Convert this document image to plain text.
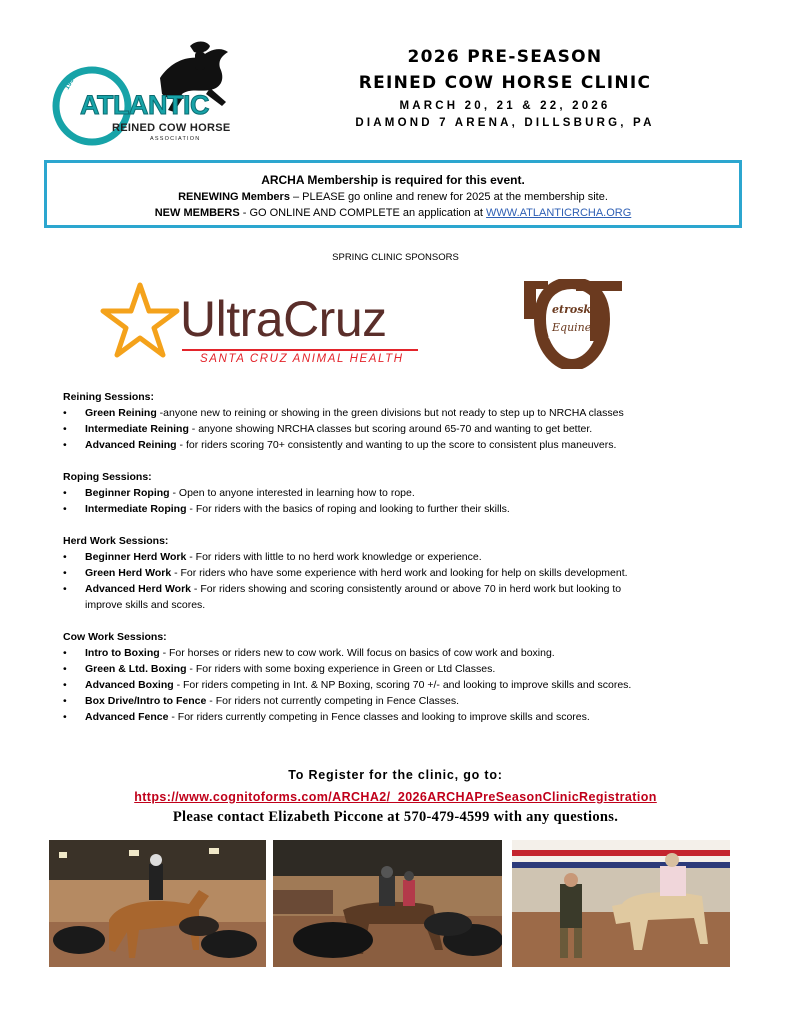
1983
ATLANTIC
REINED COW HORSE
ASSOCIATION
2026 PRE-SEASON
REINED COW HORSE CLINIC
MARCH 20, 21 & 22, 2026
DIAMOND 7 ARENA, DILLSBURG, PA
ARCHA Membership is required for this event.
RENEWING Members – PLEASE go online and renew for 2025 at the membership site.
NEW MEMBERS - GO ONLINE AND COMPLETE an application at WWW.ATLANTICRCHA.ORG
SPRING CLINIC SPONSORS
UltraCruz
SANTA CRUZ ANIMAL HEALTH
etrosk
Equine
Reining Sessions:
• Green Reining -anyone new to reining or showing in the green divisions but not ready to step up to NRCHA classes
• Intermediate Reining - anyone showing NRCHA classes but scoring around 65-70 and wanting to get better.
• Advanced Reining - for riders scoring 70+ consistently and wanting to up the score to consistent plus maneuvers.
Roping Sessions:
• Beginner Roping - Open to anyone interested in learning how to rope.
• Intermediate Roping - For riders with the basics of roping and looking to further their skills.
Herd Work Sessions:
• Beginner Herd Work - For riders with little to no herd work knowledge or experience.
• Green Herd Work - For riders who have some experience with herd work and looking for help on skills development.
• Advanced Herd Work - For riders showing and scoring consistently around or above 70 in herd work but looking to
improve skills and scores.
Cow Work Sessions:
• Intro to Boxing - For horses or riders new to cow work. Will focus on basics of cow work and boxing.
• Green & Ltd. Boxing - For riders with some boxing experience in Green or Ltd Classes.
• Advanced Boxing - For riders competing in Int. & NP Boxing, scoring 70 +/- and looking to improve skills and scores.
• Box Drive/Intro to Fence - For riders not currently competing in Fence Classes.
• Advanced Fence - For riders currently competing in Fence classes and looking to improve skills and scores.
To Register for the clinic, go to:
https://www.cognitoforms.com/ARCHA2/_2026ARCHAPreSeasonClinicRegistration
Please contact Elizabeth Piccone at 570-479-4599 with any questions.
